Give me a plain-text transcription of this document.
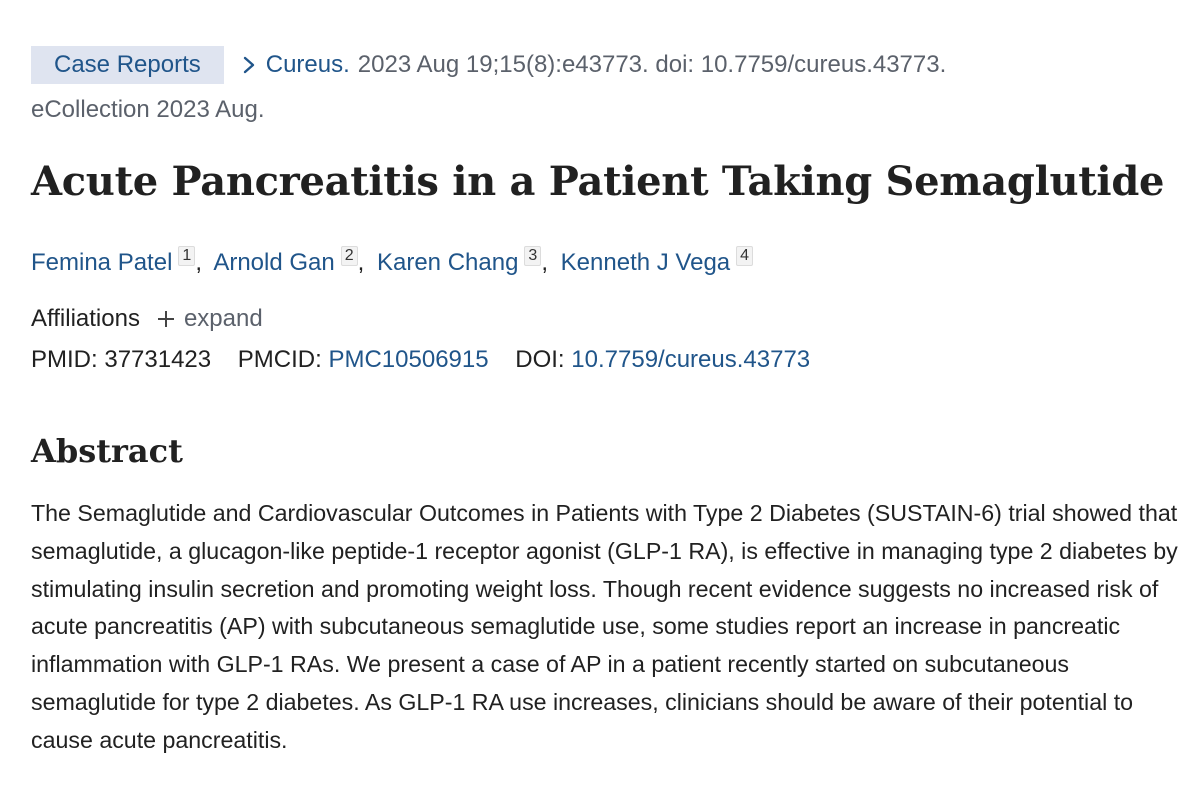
Case Reports	Cureus. 2023 Aug 19;15(8):e43773. doi: 10.7759/cureus.43773.
eCollection 2023 Aug.
Acute Pancreatitis in a Patient Taking Semaglutide
Femina Patel 1 , Arnold Gan 2 , Karen Chang 3 , Kenneth J Vega 4
Affiliations expand
PMID: 37731423 PMCID: PMC10506915 DOI: 10.7759/cureus.43773
Abstract

The Semaglutide and Cardiovascular Outcomes in Patients with Type 2 Diabetes (SUSTAIN-6) trial showed that semaglutide, a glucagon-like peptide-1 receptor agonist (GLP-1 RA), is effective in managing type 2 diabetes by stimulating insulin secretion and promoting weight loss. Though recent evidence suggests no increased risk of acute pancreatitis (AP) with subcutaneous semaglutide use, some studies report an increase in pancreatic inflammation with GLP-1 RAs. We present a case of AP in a patient recently started on subcutaneous semaglutide for type 2 diabetes. As GLP-1 RA use increases, clinicians should be aware of their potential to cause acute pancreatitis.
